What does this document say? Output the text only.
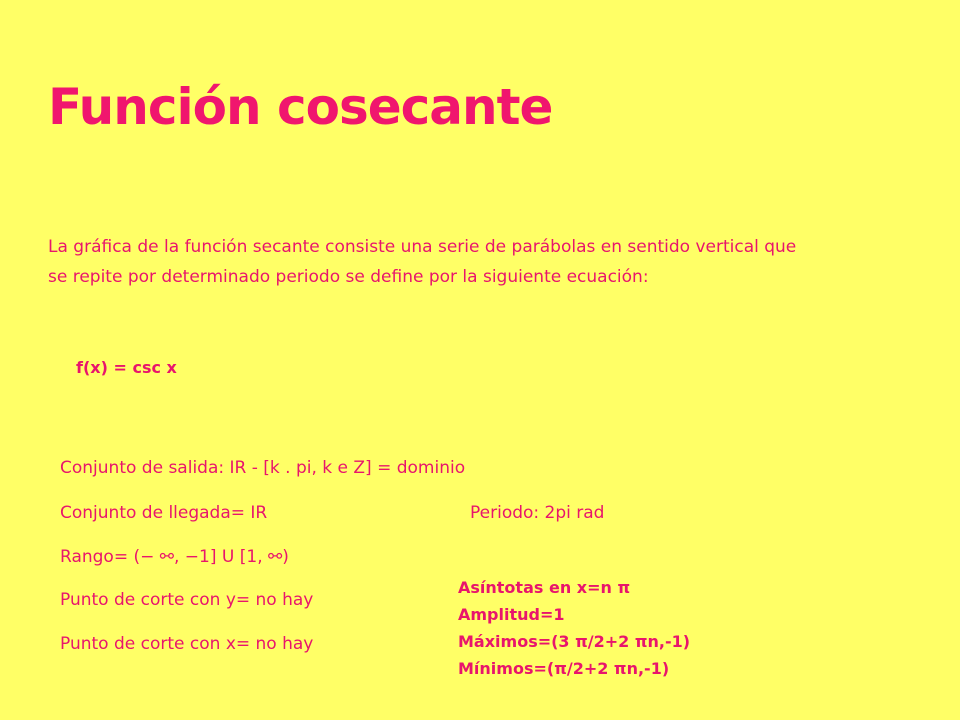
Función cosecante
La gráfica de la función secante consiste una serie de parábolas en sentido vertical que
se repite por determinado periodo se define por la siguiente ecuación:
f(x) = csc x
Conjunto de salida: IR - [k . pi, k e Z] = dominio
Conjunto de llegada= IR	Periodo: 2pi rad
Rango= (− ⚯, −1] U [1, ⚯)
Punto de corte con y= no hay
Punto de corte con x= no hay
Asíntotas en x=n π
Amplitud=1
Máximos=(3 π/2+2 πn,-1)
Mínimos=(π/2+2 πn,-1)
